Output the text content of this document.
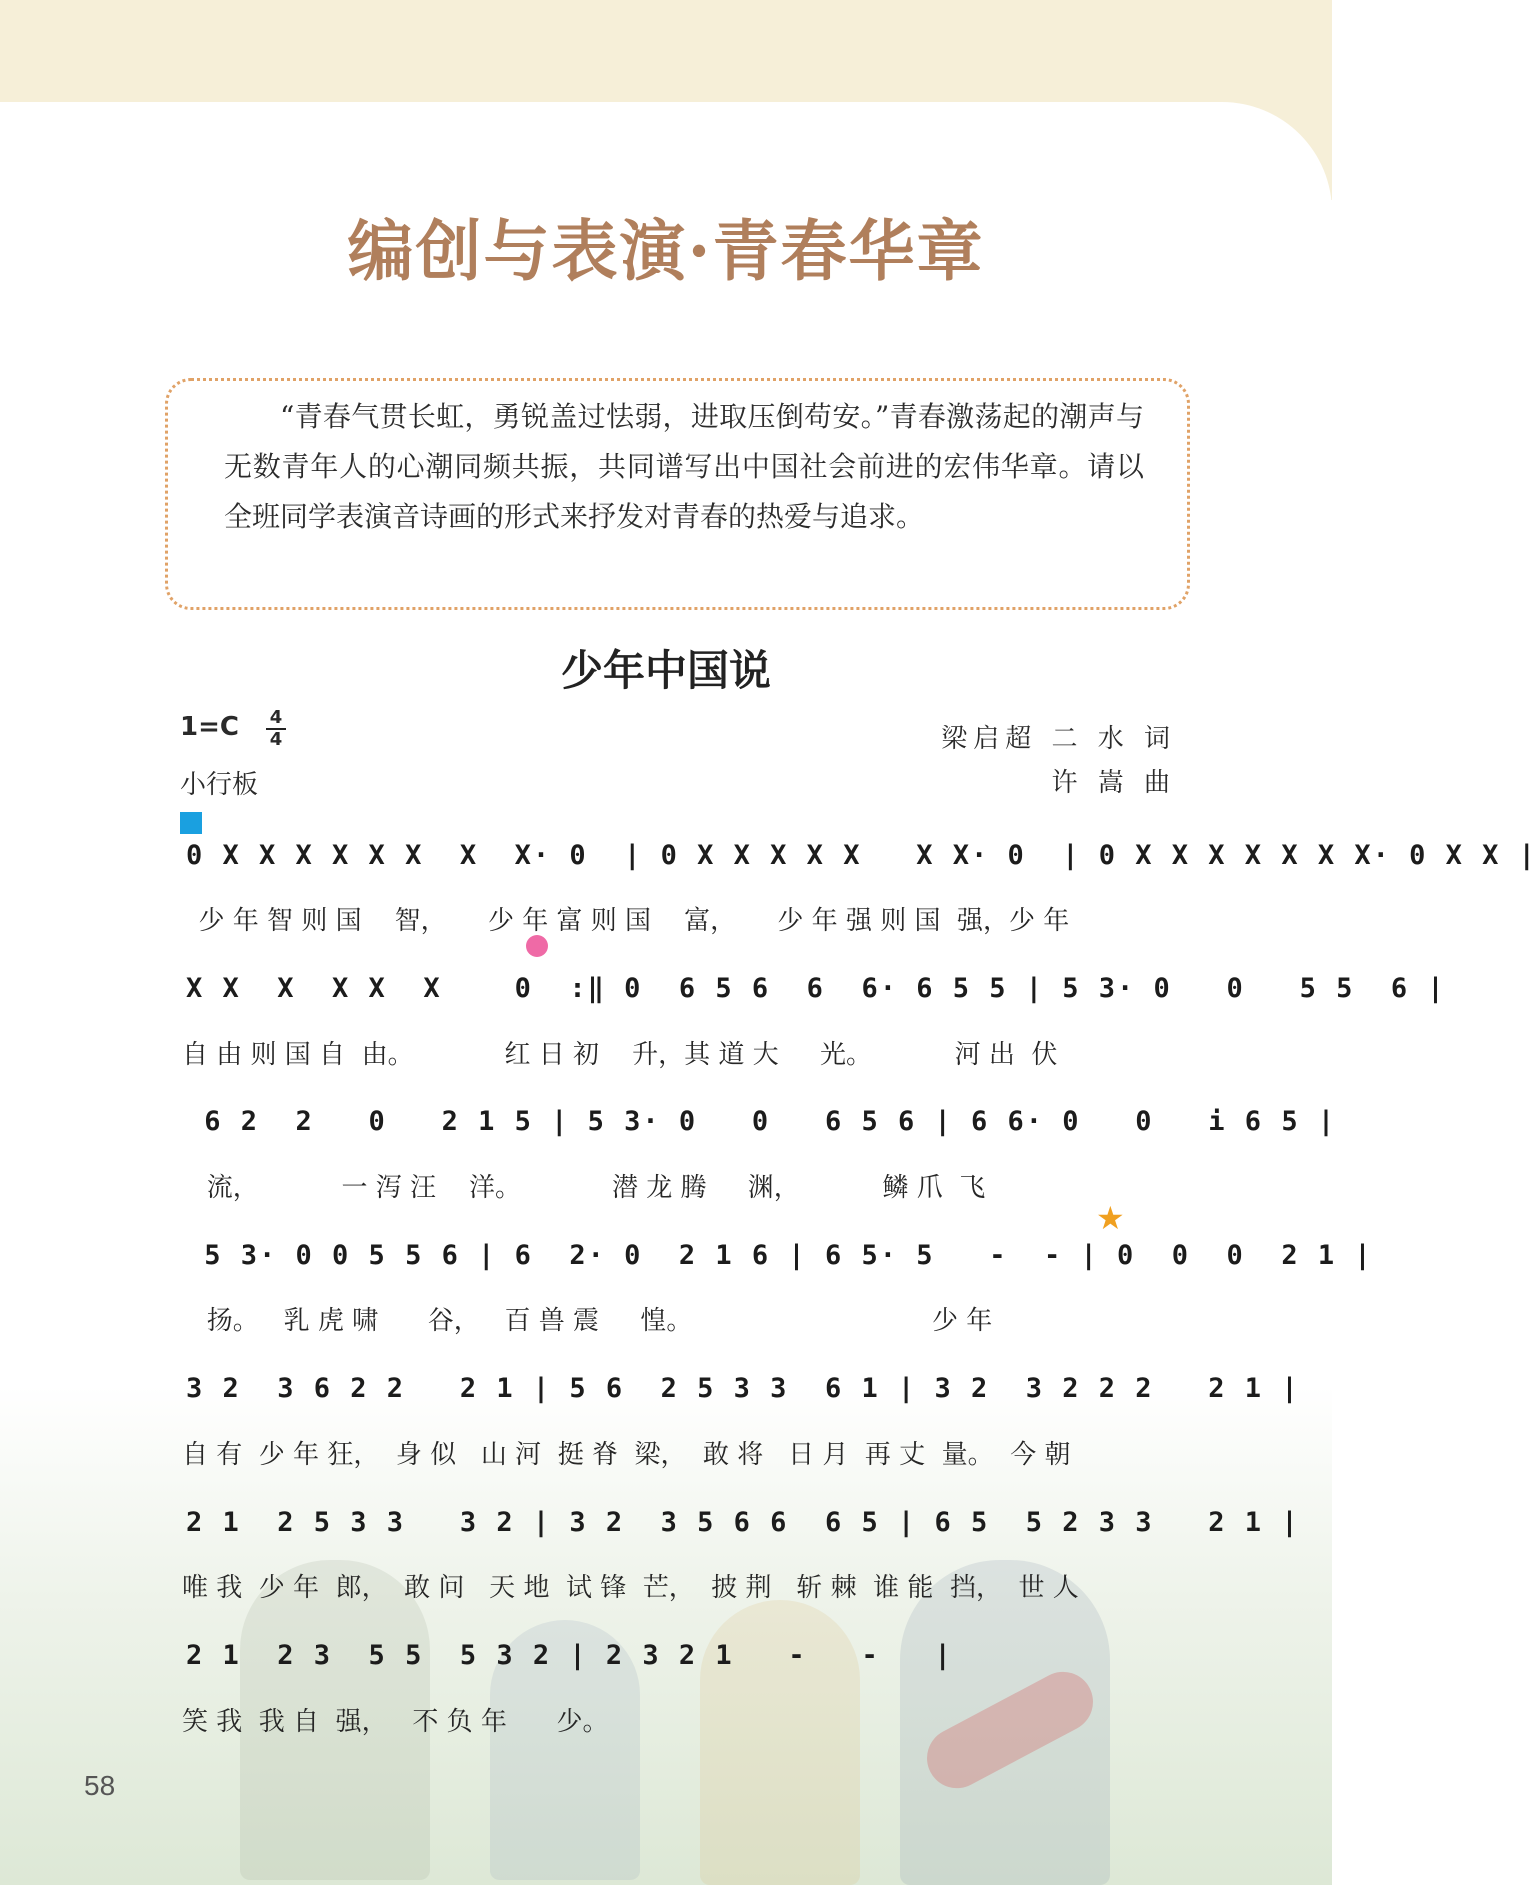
编创与表演·青春华章
“青春气贯长虹，勇锐盖过怯弱，进取压倒苟安。”青春激荡起的潮声与无数青年人的心潮同频共振，共同谱写出中国社会前进的宏伟华章。请以全班同学表演音诗画的形式来抒发对青春的热爱与追求。
少年中国说
1=C 4
4
小行板
梁启超 二 水 词
许 嵩 曲
★
0 X X X X X X  X  X· 0  | 0 X X X X X   X X· 0  | 0 X X X X X X X· 0 X X |
少 年 智 则 国    智，     少 年 富 则 国    富，     少 年 强 则 国  强，少 年
X X  X  X X  X    0  :‖ 0  6 5 6  6  6· 6 5 5 | 5 3· 0   0   5 5  6 |
自 由 则 国 自  由。           红 日 初    升，其 道 大     光。          河 出  伏
6 2  2   0   2 1 5 | 5 3· 0   0   6 5 6 | 6 6· 0   0   i 6 5 |
流，          一 泻 汪    洋。           潜 龙 腾     渊，          鳞 爪  飞
5 3· 0 0 5 5 6 | 6  2· 0  2 1 6 | 6 5· 5   -  - | 0  0  0  2 1 |
扬。   乳 虎 啸      谷，   百 兽 震     惶。                             少 年
3 2  3 6 2 2   2 1 | 5 6  2 5 3 3  6 1 | 3 2  3 2 2 2   2 1 |
自 有  少 年 狂，  身 似   山 河  挺 脊  梁，  敢 将   日 月  再 丈  量。  今 朝
2 1  2 5 3 3   3 2 | 3 2  3 5 6 6  6 5 | 6 5  5 2 3 3   2 1 |
唯 我  少 年  郎，  敢 问   天 地  试 锋  芒，  披 荆   斩 棘  谁 能  挡，  世 人
2 1  2 3  5 5  5 3 2 | 2 3 2 1   -   -   |
笑 我  我 自  强，   不 负 年      少。
58
